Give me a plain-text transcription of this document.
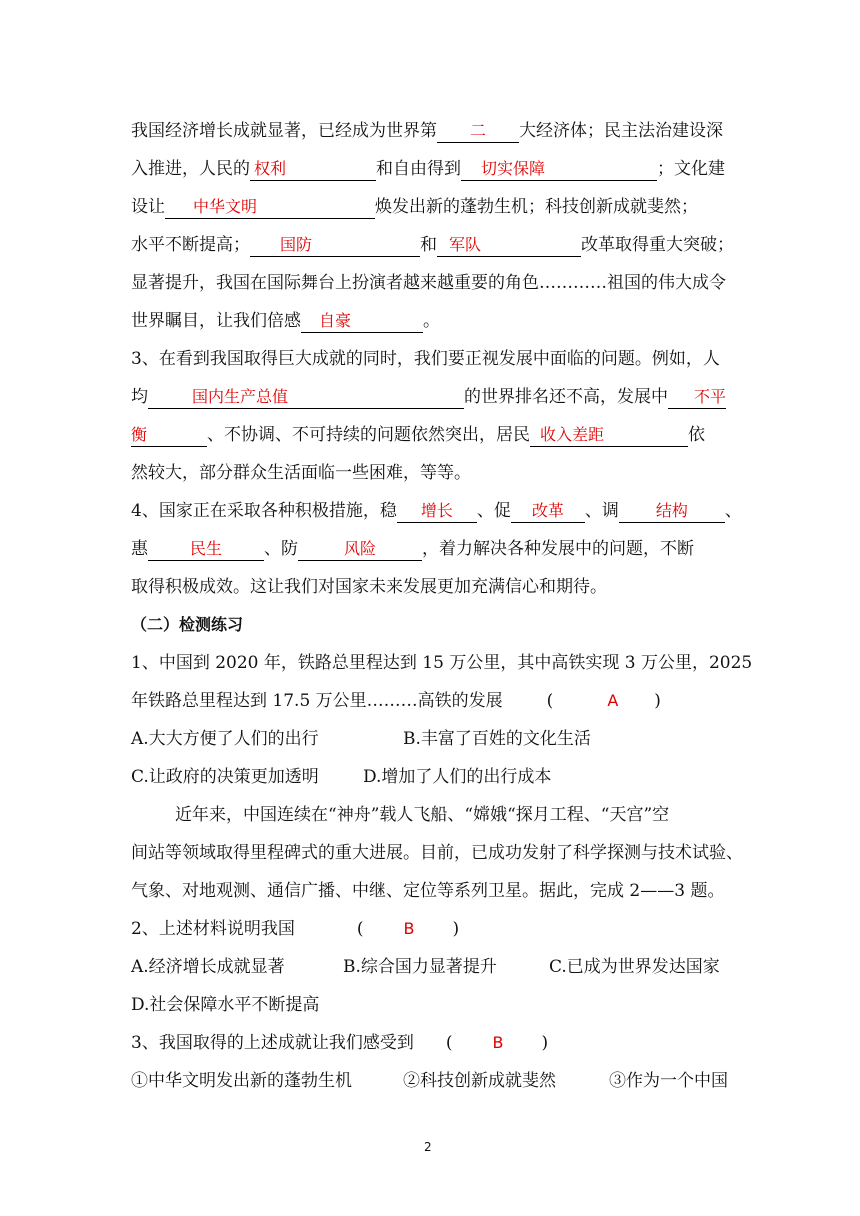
我国经济增长成就显著，已经成为世界第 二 大经济体；民主法治建设深
入推进，人民的 权利	和自由得到 切实保障	；文化建
设让 中华文明	焕发出新的蓬勃生机；科技创新成就斐然；
水平不断提高； 国防	和 军队	改革取得重大突破；
显著提升，我国在国际舞台上扮演者越来越重要的角色…………祖国的伟大成令
世界瞩目，让我们倍感 自豪	。
3、在看到我国取得巨大成就的同时，我们要正视发展中面临的问题。例如，人
均	国内生产总值	的世界排名还不高，发展中 不平
衡	、不协调、不可持续的问题依然突出，居民 收入差距	依
然较大，部分群众生活面临一些困难，等等。
4、国家正在采取各种积极措施，稳 增长 、促 改革 、调 结构 、
惠	民生 、防	风险	，着力解决各种发展中的问题，不断
取得积极成效。这让我们对国家未来发展更加充满信心和期待。
（二）检测练习
1、中国到 2020 年，铁路总里程达到 15 万公里，其中高铁实现 3 万公里，2025
年铁路总里程达到 17.5 万公里………高铁的发展	(	A )
A.大大方便了人们的出行	B.丰富了百姓的文化生活
C.让政府的决策更加透明	D.增加了人们的出行成本
近年来，中国连续在“神舟”载人飞船、“嫦娥“探月工程、“天宫”空
间站等领域取得里程碑式的重大进展。目前，已成功发射了科学探测与技术试验、
气象、对地观测、通信广播、中继、定位等系列卫星。据此，完成 2——3 题。
2、上述材料说明我国	(	B )
A.经济增长成就显著	B.综合国力显著提升	C.已成为世界发达国家
D.社会保障水平不断提高
3、我国取得的上述成就让我们感受到 (	B )
①中华文明发出新的蓬勃生机	②科技创新成就斐然	③作为一个中国
2
